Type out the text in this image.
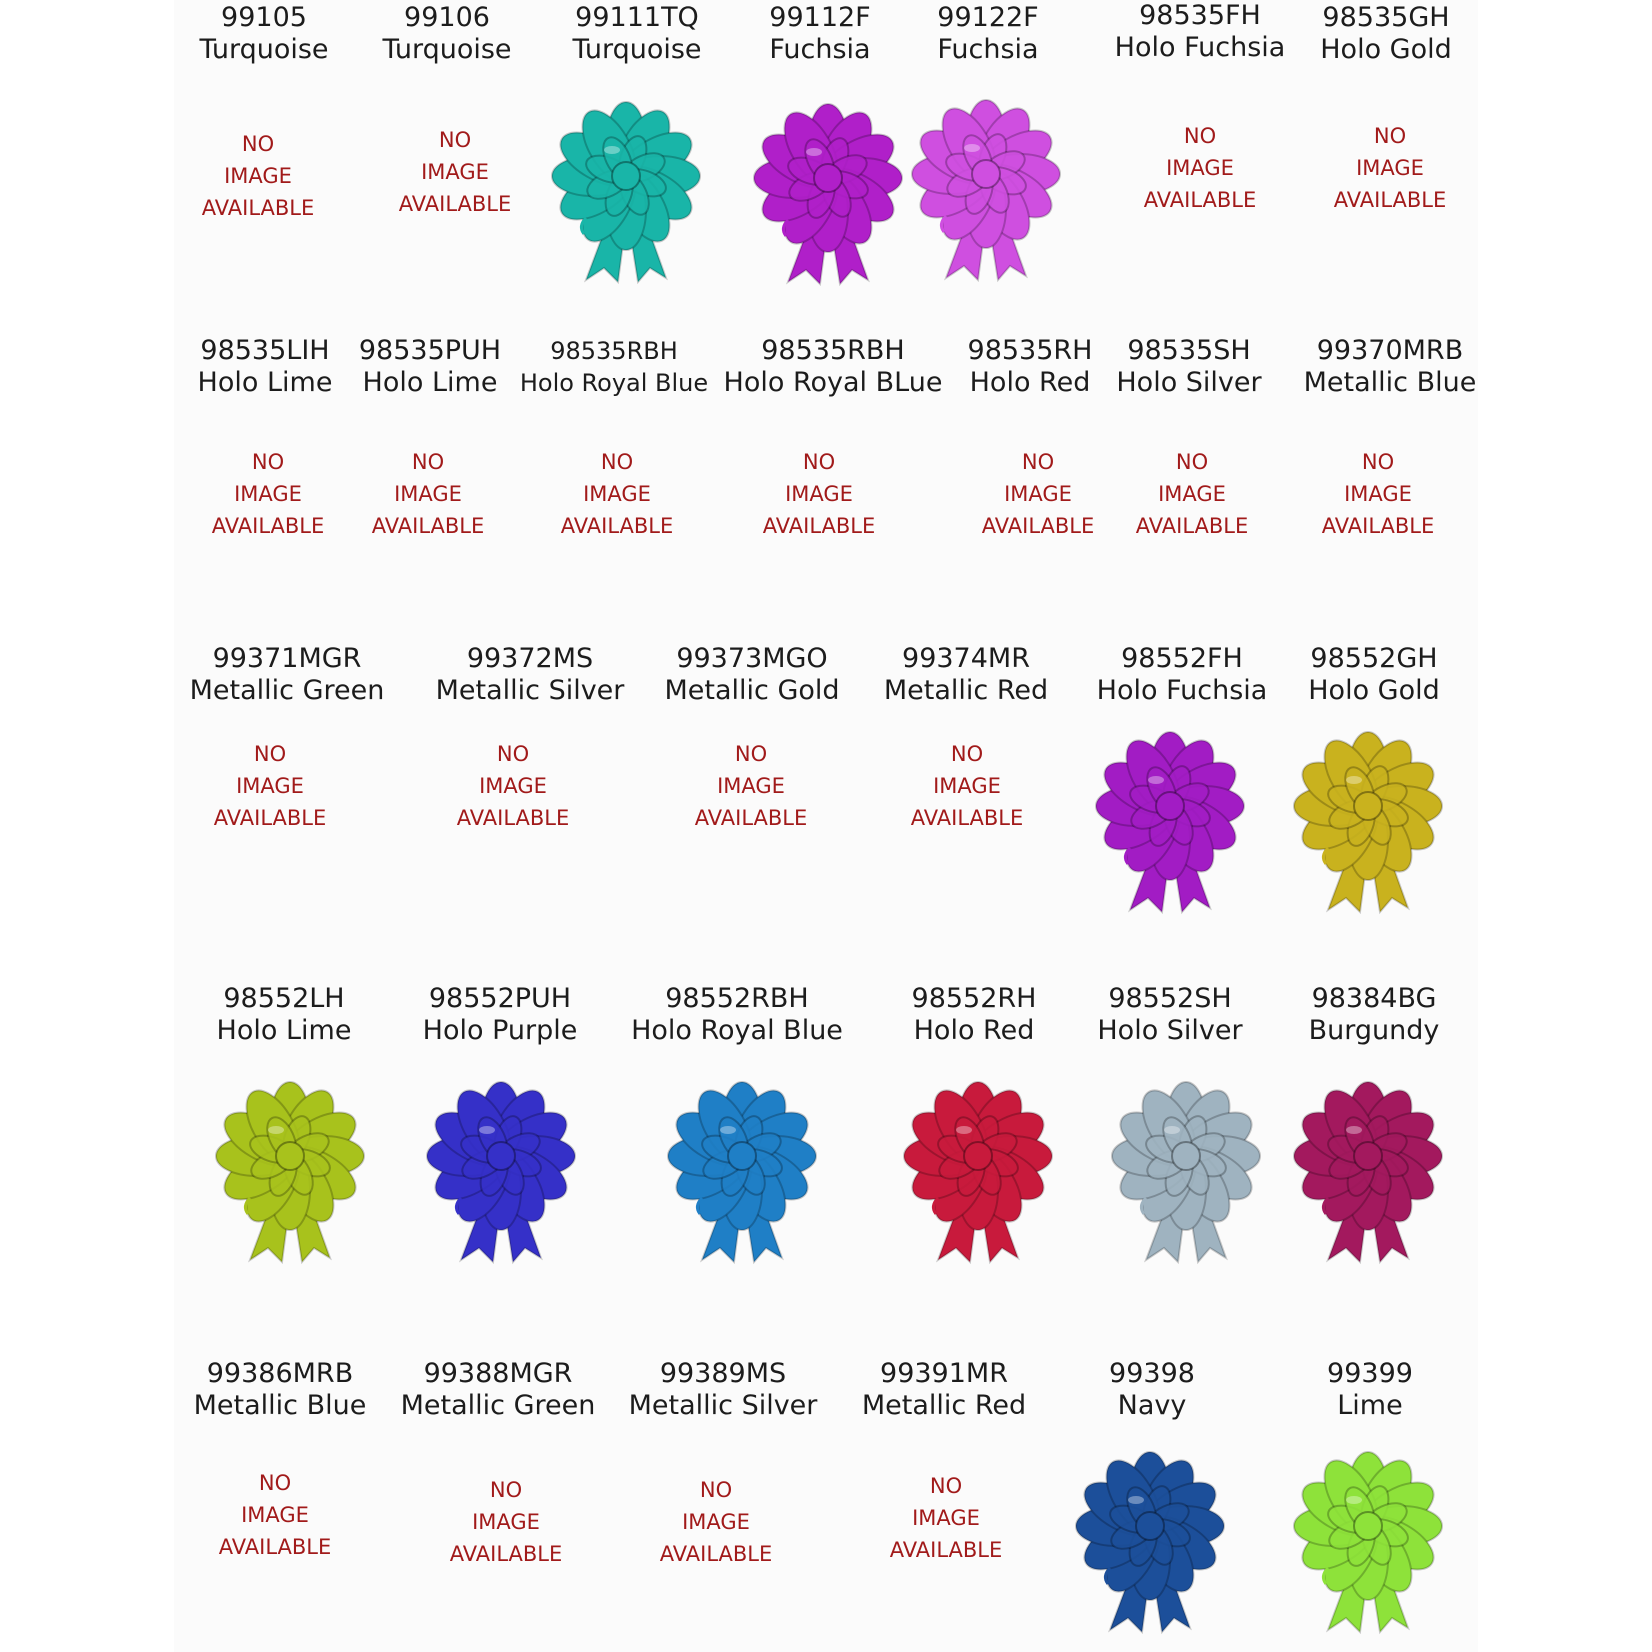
99105
Turquoise
NO
IMAGE
AVAILABLE
99106
Turquoise
NO
IMAGE
AVAILABLE
99111TQ
Turquoise
99112F
Fuchsia
99122F
Fuchsia
98535FH
Holo Fuchsia
NO
IMAGE
AVAILABLE
98535GH
Holo Gold
NO
IMAGE
AVAILABLE
98535LIH
Holo Lime
NO
IMAGE
AVAILABLE
98535PUH
Holo Lime
NO
IMAGE
AVAILABLE
98535RBH
Holo Royal Blue
NO
IMAGE
AVAILABLE
98535RBH
Holo Royal BLue
NO
IMAGE
AVAILABLE
98535RH
Holo Red
NO
IMAGE
AVAILABLE
98535SH
Holo Silver
NO
IMAGE
AVAILABLE
99370MRB
Metallic Blue
NO
IMAGE
AVAILABLE
99371MGR
Metallic Green
NO
IMAGE
AVAILABLE
99372MS
Metallic Silver
NO
IMAGE
AVAILABLE
99373MGO
Metallic Gold
NO
IMAGE
AVAILABLE
99374MR
Metallic Red
NO
IMAGE
AVAILABLE
98552FH
Holo Fuchsia
98552GH
Holo Gold
98552LH
Holo Lime
98552PUH
Holo Purple
98552RBH
Holo Royal Blue
98552RH
Holo Red
98552SH
Holo Silver
98384BG
Burgundy
99386MRB
Metallic Blue
NO
IMAGE
AVAILABLE
99388MGR
Metallic Green
NO
IMAGE
AVAILABLE
99389MS
Metallic Silver
NO
IMAGE
AVAILABLE
99391MR
Metallic Red
NO
IMAGE
AVAILABLE
99398
Navy
99399
Lime
